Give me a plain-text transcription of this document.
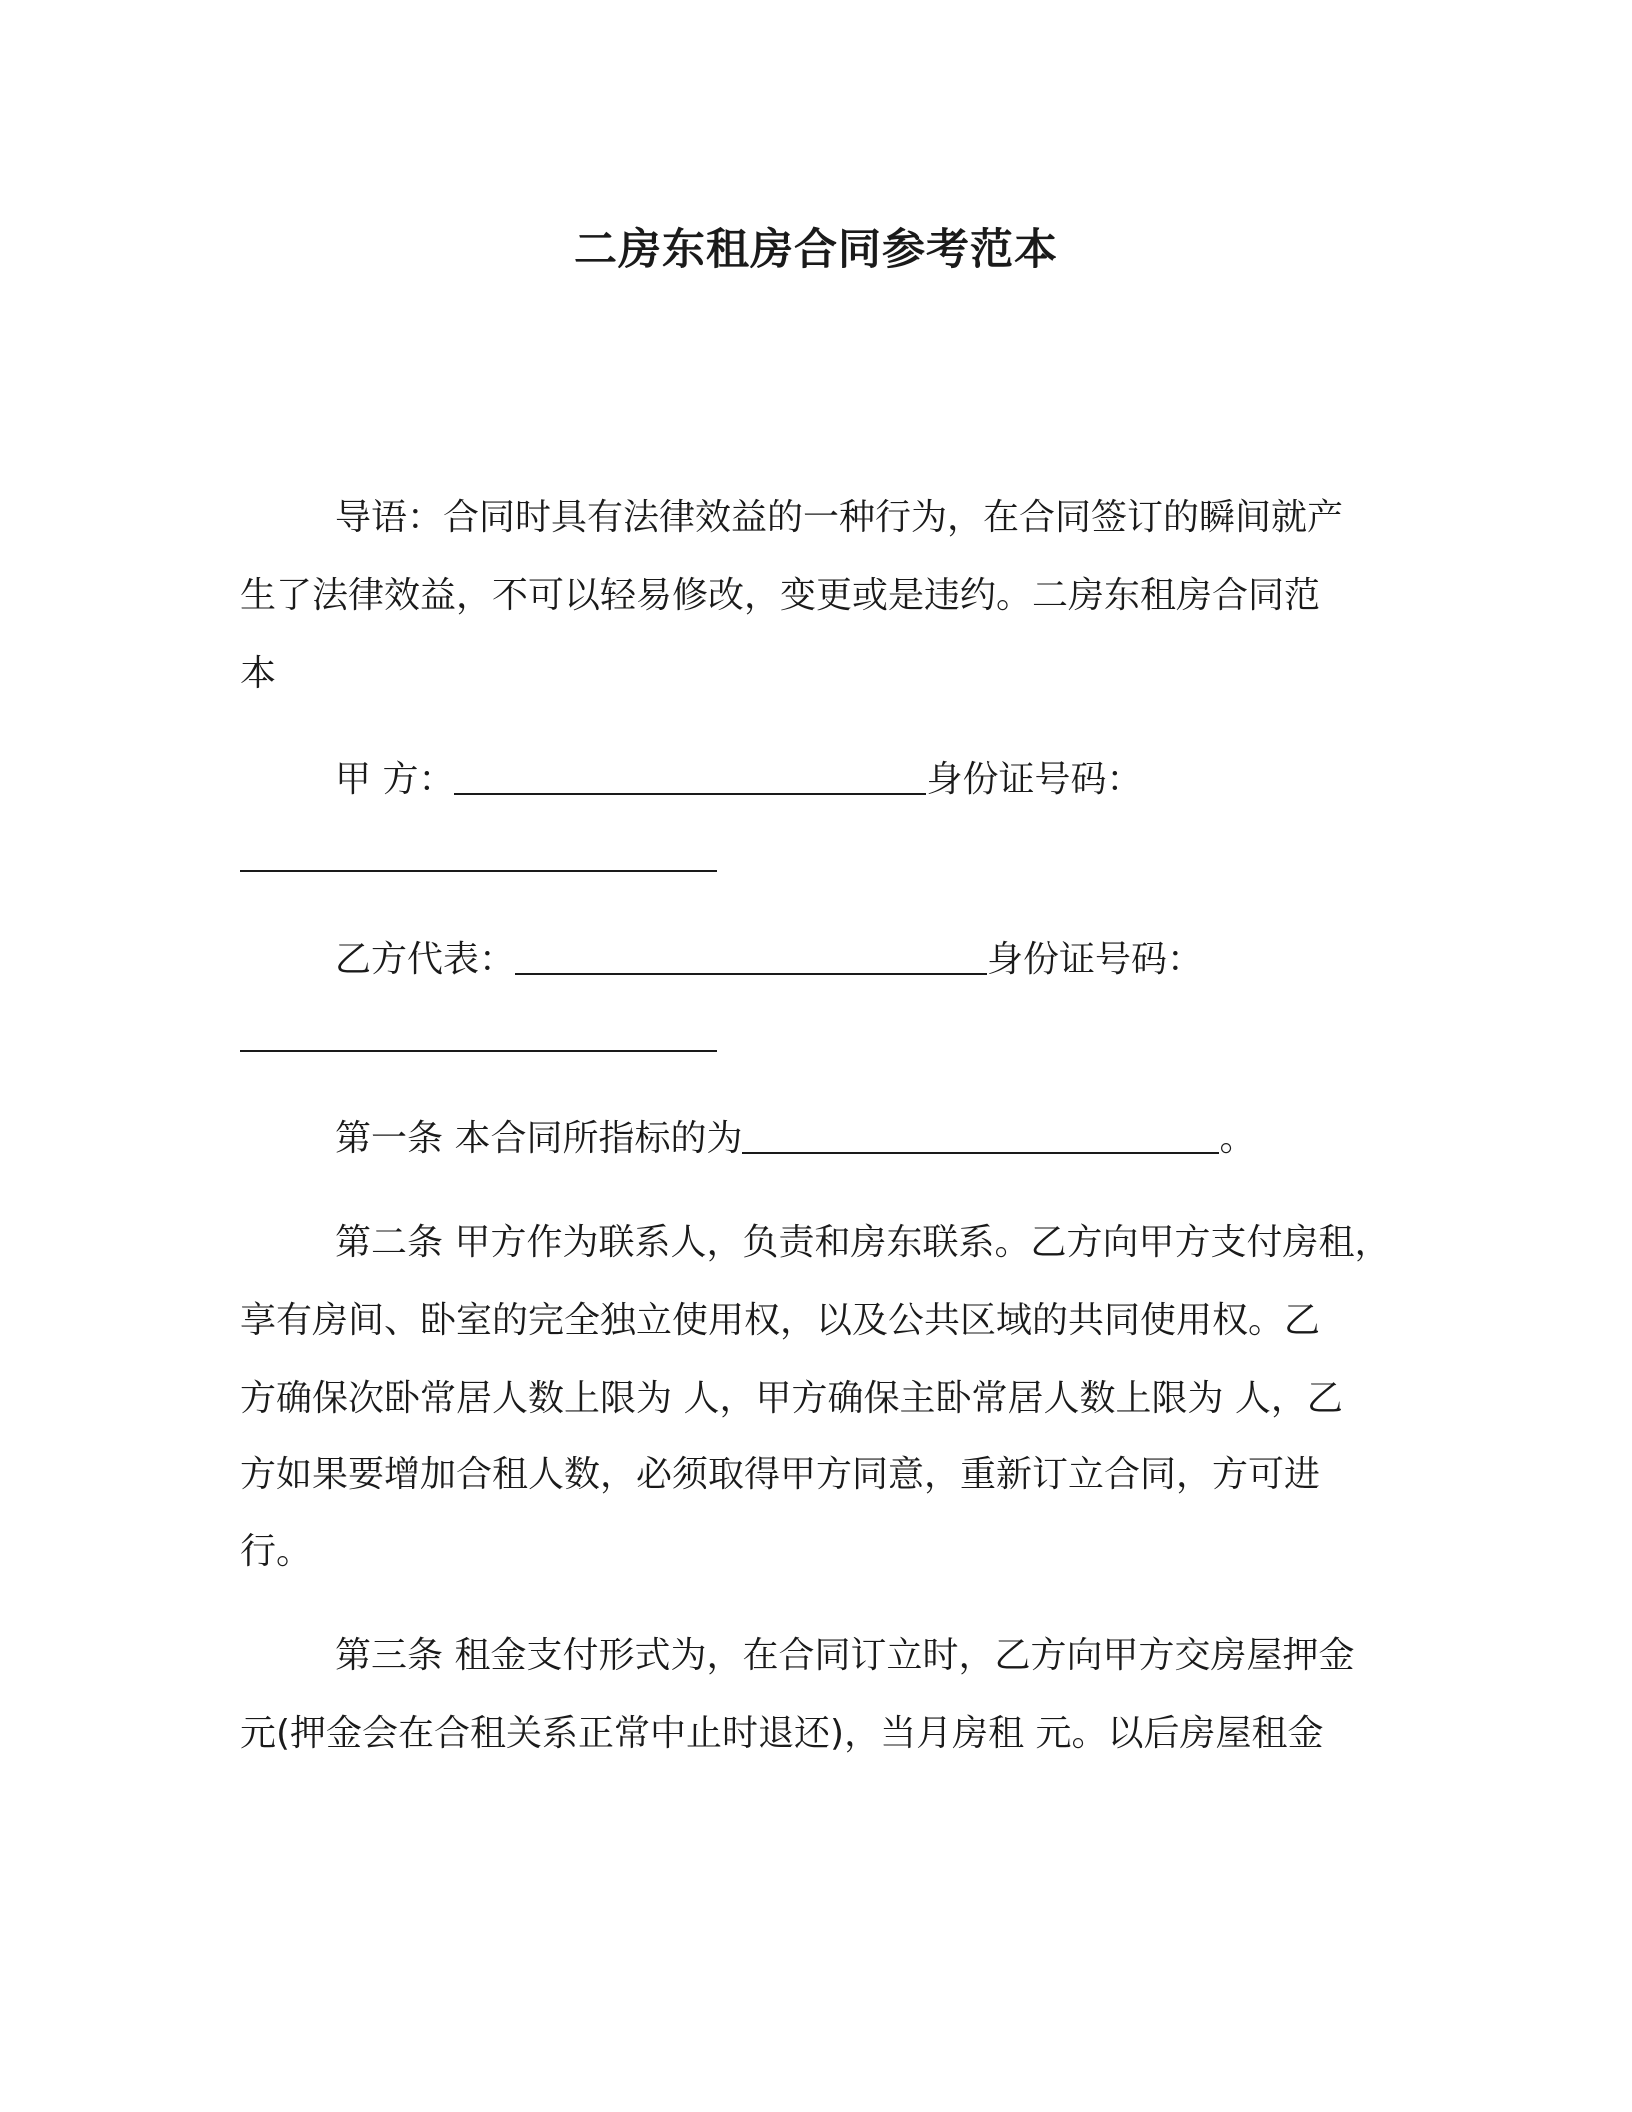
二房东租房合同参考范本

导语：合同时具有法律效益的一种行为，在合同签订的瞬间就产

生了法律效益，不可以轻易修改，变更或是违约。二房东租房合同范

本

甲 方：	身份证号码：

乙方代表：	身份证号码：

第一条 本合同所指标的为	。

第二条 甲方作为联系人，负责和房东联系。乙方向甲方支付房租，

享有房间、卧室的完全独立使用权，以及公共区域的共同使用权。乙

方确保次卧常居人数上限为 人，甲方确保主卧常居人数上限为 人，乙

方如果要增加合租人数，必须取得甲方同意，重新订立合同，方可进

行。

第三条 租金支付形式为，在合同订立时，乙方向甲方交房屋押金

元(押金会在合租关系正常中止时退还)，当月房租 元。以后房屋租金
